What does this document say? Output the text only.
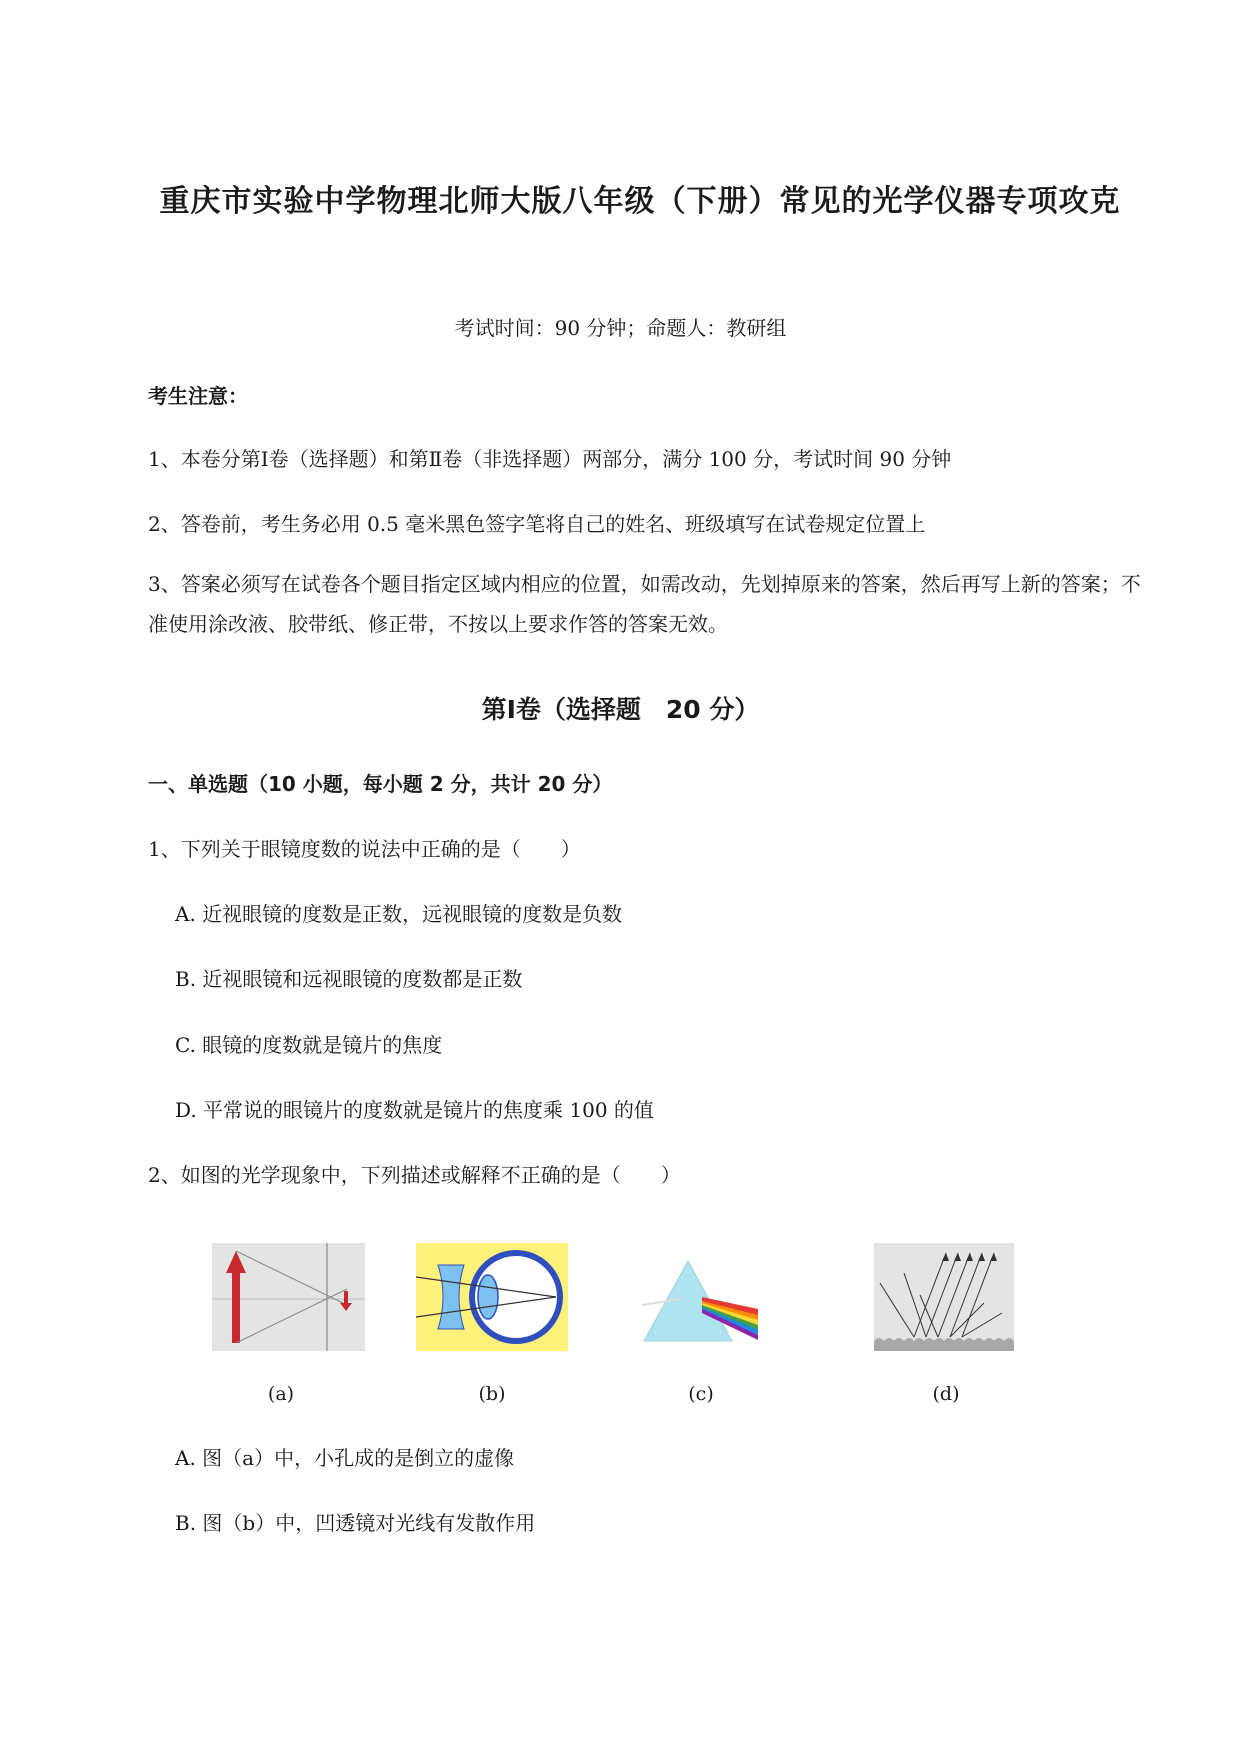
重庆市实验中学物理北师大版八年级（下册）常见的光学仪器专项攻克
考试时间：90 分钟；命题人：教研组
考生注意：
1、本卷分第Ⅰ卷（选择题）和第Ⅱ卷（非选择题）两部分，满分 100 分，考试时间 90 分钟
2、答卷前，考生务必用 0.5 毫米黑色签字笔将自己的姓名、班级填写在试卷规定位置上
3、答案必须写在试卷各个题目指定区域内相应的位置，如需改动，先划掉原来的答案，然后再写上新的答案；不准使用涂改液、胶带纸、修正带，不按以上要求作答的答案无效。
第Ⅰ卷（选择题　20 分）
一、单选题（10 小题，每小题 2 分，共计 20 分）
1、下列关于眼镜度数的说法中正确的是（　　）
A. 近视眼镜的度数是正数，远视眼镜的度数是负数
B. 近视眼镜和远视眼镜的度数都是正数
C. 眼镜的度数就是镜片的焦度
D. 平常说的眼镜片的度数就是镜片的焦度乘 100 的值
2、如图的光学现象中，下列描述或解释不正确的是（　　）
(a)	(b)	(c)	(d)
A. 图（a）中，小孔成的是倒立的虚像
B. 图（b）中，凹透镜对光线有发散作用
